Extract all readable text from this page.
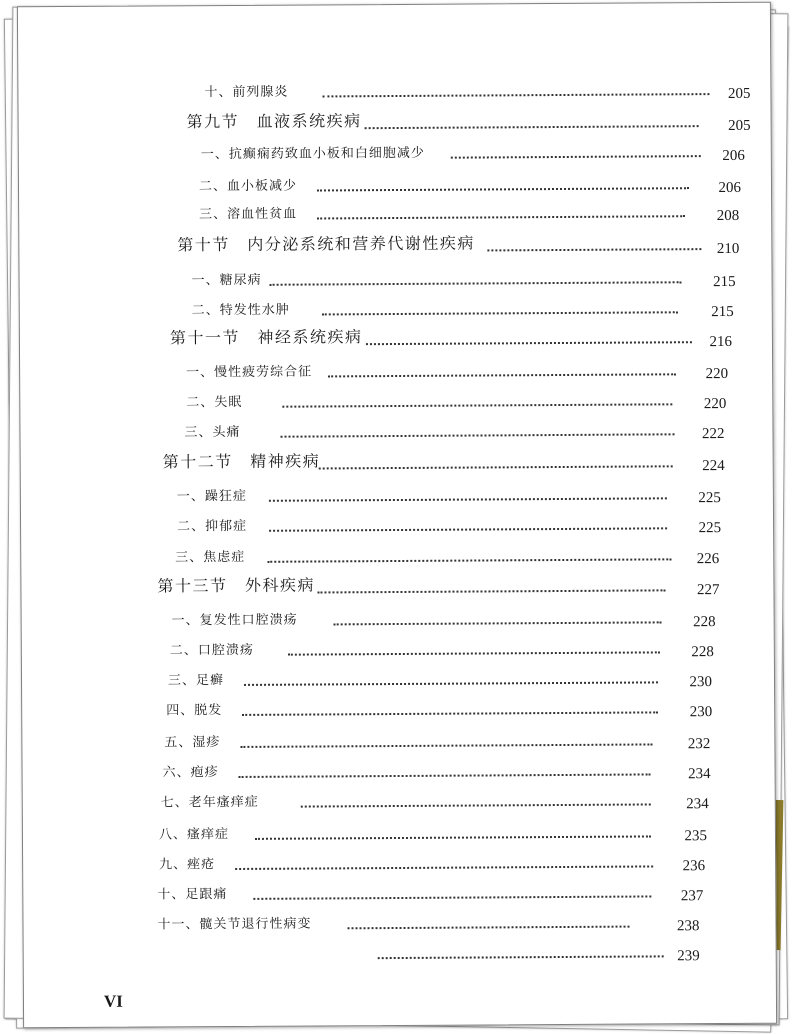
十、前列腺炎	205
第九节　血液系统疾病	205
一、抗癫痫药致血小板和白细胞减少	206
二、血小板减少	206
三、溶血性贫血	208
第十节　内分泌系统和营养代谢性疾病	210
一、糖尿病	215
二、特发性水肿	215
第十一节　神经系统疾病	216
一、慢性疲劳综合征	220
二、失眠	220
三、头痛	222
第十二节　精神疾病	224
一、躁狂症	225
二、抑郁症	225
三、焦虑症	226
第十三节　外科疾病	227
一、复发性口腔溃疡	228
二、口腔溃疡	228
三、足癣	230
四、脱发	230
五、湿疹	232
六、疱疹	234
七、老年瘙痒症	234
八、瘙痒症	235
九、痤疮	236
十、足跟痛	237
十一、髋关节退行性病变	238
239
VI
